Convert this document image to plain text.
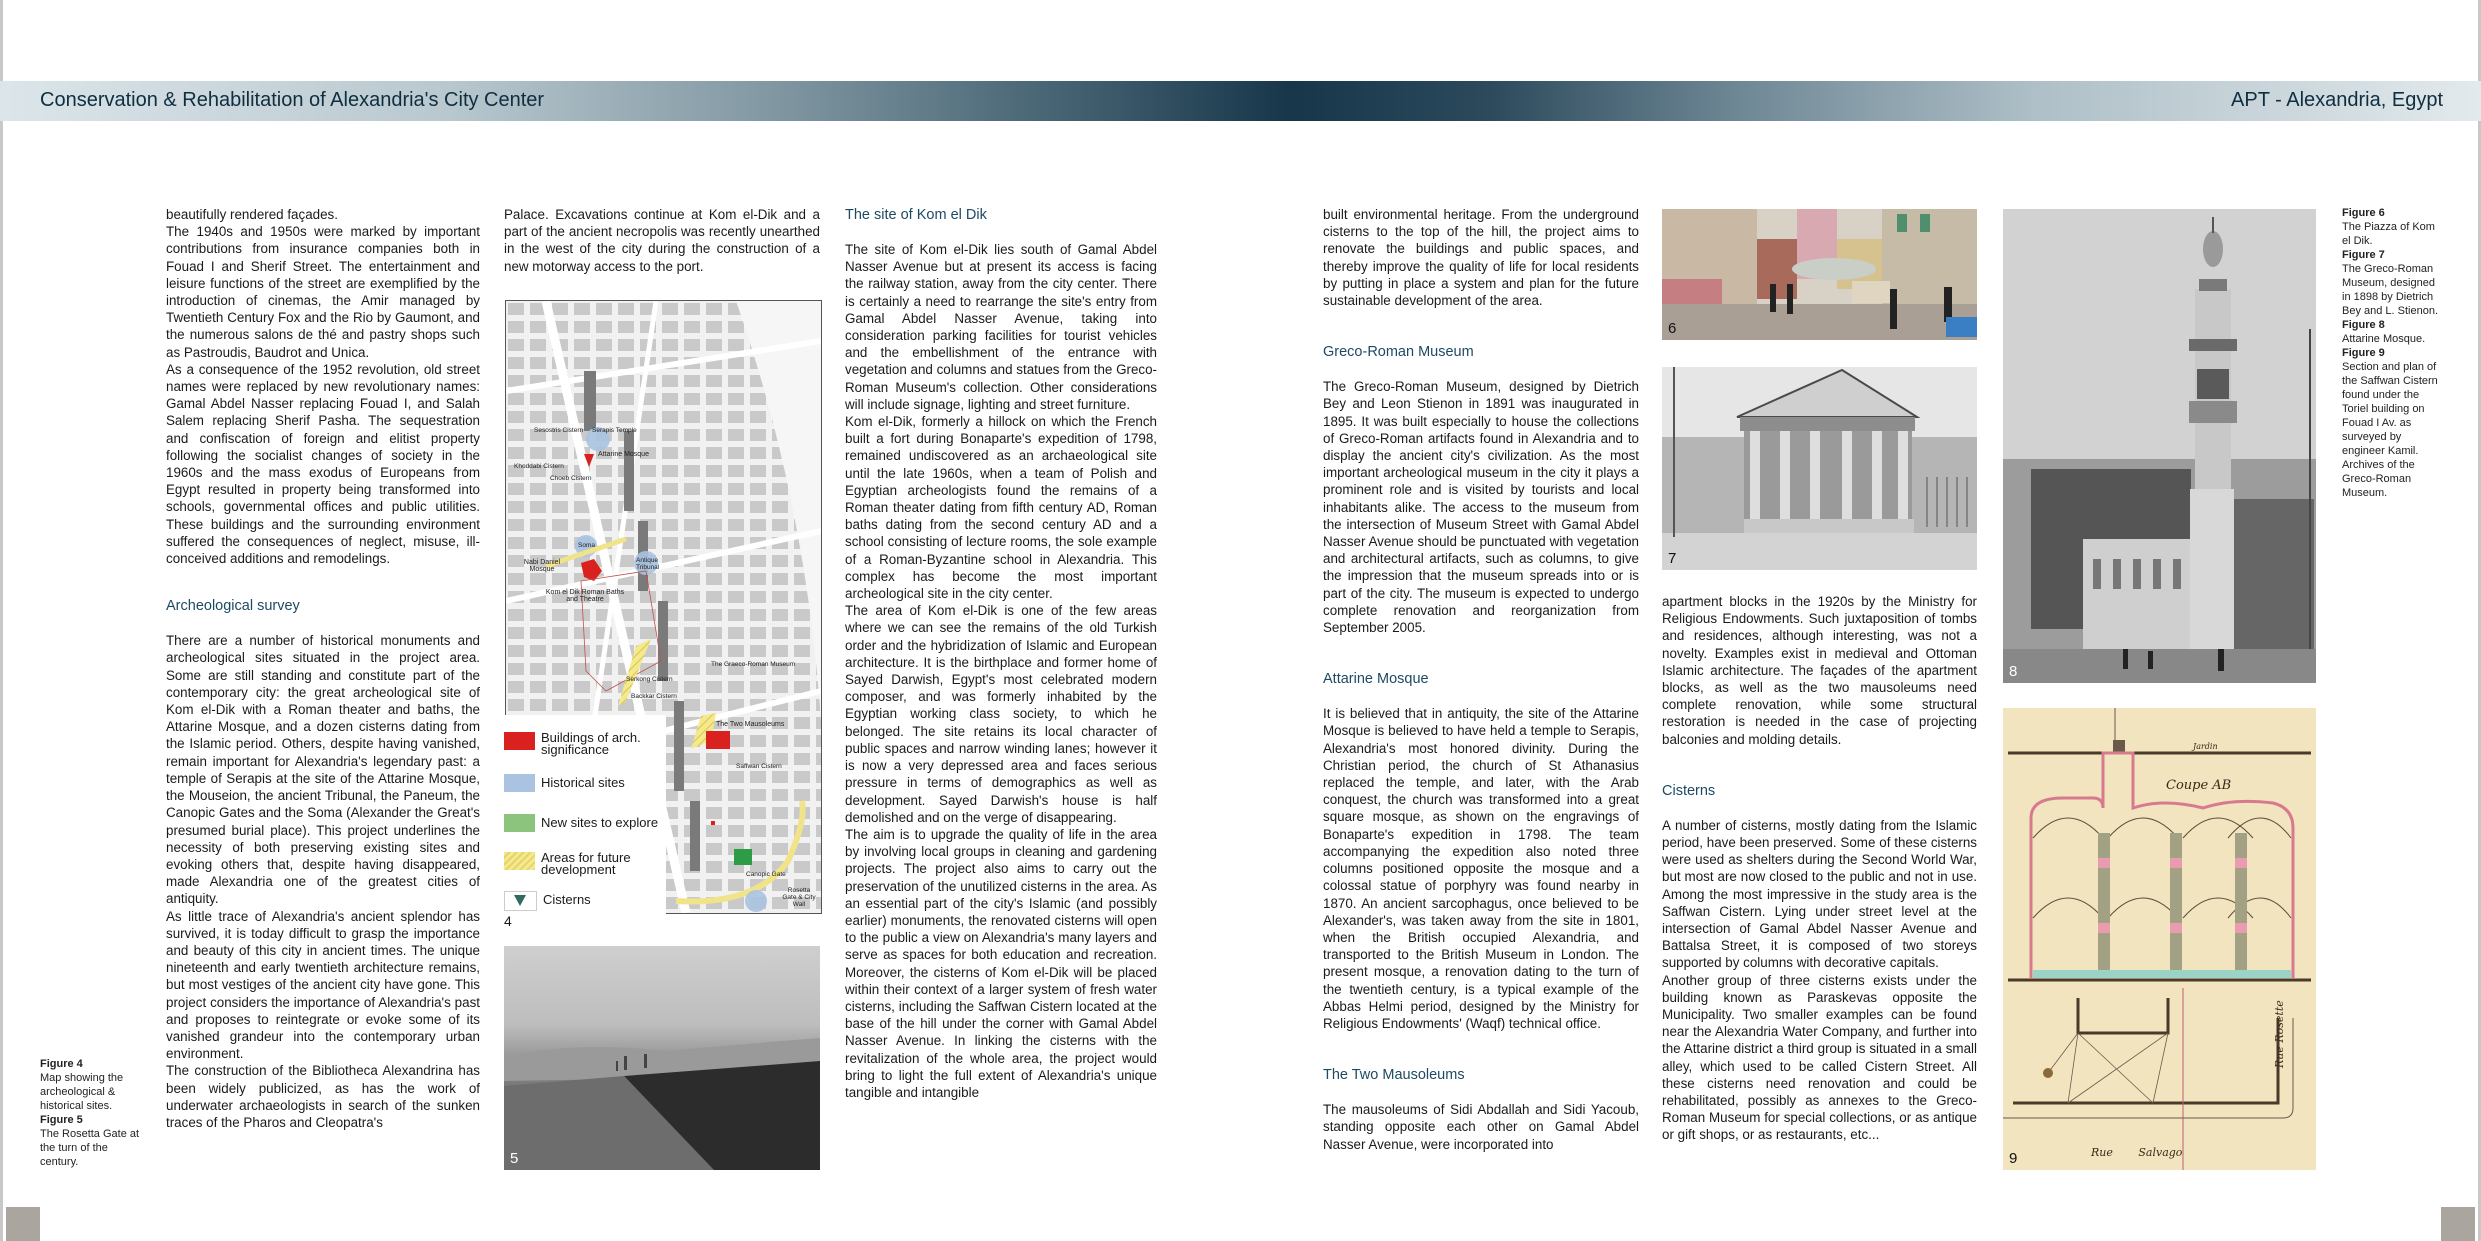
Conservation & Rehabilitation of Alexandria's City Center	APT - Alexandria, Egypt
Figure 4
Map showing the archeological & historical sites.
Figure 5
The Rosetta Gate at the turn of the century.

beautifully rendered façades.

The 1940s and 1950s were marked by important contributions from insurance companies both in Fouad I and Sherif Street. The entertainment and leisure functions of the street are exemplified by the introduction of cinemas, the Amir managed by Twentieth Century Fox and the Rio by Gaumont, and the numerous salons de thé and pastry shops such as Pastroudis, Baudrot and Unica.

As a consequence of the 1952 revolution, old street names were replaced by new revolutionary names: Gamal Abdel Nasser replacing Fouad I, and Salah Salem replacing Sherif Pasha. The sequestration and confiscation of foreign and elitist property following the socialist changes of society in the 1960s and the mass exodus of Europeans from Egypt resulted in property being transformed into schools, governmental offices and public utilities. These buildings and the surrounding environment suffered the consequences of neglect, misuse, ill-conceived additions and remodelings.

Archeological survey

There are a number of historical monuments and archeological sites situated in the project area. Some are still standing and constitute part of the contemporary city: the great archeological site of Kom el-Dik with a Roman theater and baths, the Attarine Mosque, and a dozen cisterns dating from the Islamic period. Others, despite having vanished, remain important for Alexandria's legendary past: a temple of Serapis at the site of the Attarine Mosque, the Mouseion, the ancient Tribunal, the Paneum, the Canopic Gates and the Soma (Alexander the Great's presumed burial place). This project underlines the necessity of both preserving existing sites and evoking others that, despite having disappeared, made Alexandria one of the greatest cities of antiquity.

As little trace of Alexandria's ancient splendor has survived, it is today difficult to grasp the importance and beauty of this city in ancient times. The unique nineteenth and early twentieth architecture remains, but most vestiges of the ancient city have gone. This project considers the importance of Alexandria's past and proposes to reintegrate or evoke some of its vanished grandeur into the contemporary urban environment.

The construction of the Bibliotheca Alexandrina has been widely publicized, as has the work of underwater archaeologists in search of the sunken traces of the Pharos and Cleopatra's

Palace. Excavations continue at Kom el-Dik and a part of the ancient necropolis was recently unearthed in the west of the city during the construction of a new motorway access to the port.

Attarine Mosque
Serapis Temple
Sesostris Cistern
Khoddabi Cistern
Choeb Cistern
Soma
Nabi Daniel Mosque
Antique Tribunal
Kom el Dik Roman Baths and Theatre
The Graeco-Roman Museum
Serkong Cistern
Backkar Cistern
The Two Mausoleums
Saffwan Cistern
Canopic Gate
Rosetta Gate & City Wall
Buildings of arch. significance
Historical sites
New sites to explore
Areas for future development
Cisterns
4
5
The site of Kom el Dik

The site of Kom el-Dik lies south of Gamal Abdel Nasser Avenue but at present its access is facing the railway station, away from the city center. There is certainly a need to rearrange the site's entry from Gamal Abdel Nasser Avenue, taking into consideration parking facilities for tourist vehicles and the embellishment of the entrance with vegetation and columns and statues from the Greco-Roman Museum's collection. Other considerations will include signage, lighting and street furniture.

Kom el-Dik, formerly a hillock on which the French built a fort during Bonaparte's expedition of 1798, remained undiscovered as an archaeological site until the late 1960s, when a team of Polish and Egyptian archeologists found the remains of a Roman theater dating from fifth century AD, Roman baths dating from the second century AD and a school consisting of lecture rooms, the sole example of a Roman-Byzantine school in Alexandria. This complex has become the most important archeological site in the city center.

The area of Kom el-Dik is one of the few areas where we can see the remains of the old Turkish order and the hybridization of Islamic and European architecture. It is the birthplace and former home of Sayed Darwish, Egypt's most celebrated modern composer, and was formerly inhabited by the Egyptian working class society, to which he belonged. The site retains its local character of public spaces and narrow winding lanes; however it is now a very depressed area and faces serious pressure in terms of demographics as well as development. Sayed Darwish's house is half demolished and on the verge of disappearing.

The aim is to upgrade the quality of life in the area by involving local groups in cleaning and gardening projects. The project also aims to carry out the preservation of the unutilized cisterns in the area. As an essential part of the city's Islamic (and possibly earlier) monuments, the renovated cisterns will open to the public a view on Alexandria's many layers and serve as spaces for both education and recreation. Moreover, the cisterns of Kom el-Dik will be placed within their context of a larger system of fresh water cisterns, including the Saffwan Cistern located at the base of the hill under the corner with Gamal Abdel Nasser Avenue. In linking the cisterns with the revitalization of the whole area, the project would bring to light the full extent of Alexandria's unique tangible and intangible

built environmental heritage. From the underground cisterns to the top of the hill, the project aims to renovate the buildings and public spaces, and thereby improve the quality of life for local residents by putting in place a system and plan for the future sustainable development of the area.

Greco-Roman Museum

The Greco-Roman Museum, designed by Dietrich Bey and Leon Stienon in 1891 was inaugurated in 1895. It was built especially to house the collections of Greco-Roman artifacts found in Alexandria and to display the ancient city's civilization. As the most important archeological museum in the city it plays a prominent role and is visited by tourists and local inhabitants alike. The access to the museum from the intersection of Museum Street with Gamal Abdel Nasser Avenue should be punctuated with vegetation and architectural artifacts, such as columns, to give the impression that the museum spreads into or is part of the city. The museum is expected to undergo complete renovation and reorganization from September 2005.

Attarine Mosque

It is believed that in antiquity, the site of the Attarine Mosque is believed to have held a temple to Serapis, Alexandria's most honored divinity. During the Christian period, the church of St Athanasius replaced the temple, and later, with the Arab conquest, the church was transformed into a great square mosque, as shown on the engravings of Bonaparte's expedition in 1798. The team accompanying the expedition also noted three columns positioned opposite the mosque and a colossal statue of porphyry was found nearby in 1870. An ancient sarcophagus, once believed to be Alexander's, was taken away from the site in 1801, when the British occupied Alexandria, and transported to the British Museum in London. The present mosque, a renovation dating to the turn of the twentieth century, is a typical example of the Abbas Helmi period, designed by the Ministry for Religious Endowments' (Waqf) technical office.

The Two Mausoleums

The mausoleums of Sidi Abdallah and Sidi Yacoub, standing opposite each other on Gamal Abdel Nasser Avenue, were incorporated into

6
7

apartment blocks in the 1920s by the Ministry for Religious Endowments. Such juxtaposition of tombs and residences, although interesting, was not a novelty. Examples exist in medieval and Ottoman Islamic architecture. The façades of the apartment blocks, as well as the two mausoleums need complete renovation, while some structural restoration is needed in the case of projecting balconies and molding details.

Cisterns

A number of cisterns, mostly dating from the Islamic period, have been preserved. Some of these cisterns were used as shelters during the Second World War, but most are now closed to the public and not in use. Among the most impressive in the study area is the Saffwan Cistern. Lying under street level at the intersection of Gamal Abdel Nasser Avenue and Battalsa Street, it is composed of two storeys supported by columns with decorative capitals.

Another group of three cisterns exists under the building known as Paraskevas opposite the Municipality. Two smaller examples can be found near the Alexandria Water Company, and further into the Attarine district a third group is situated in a small alley, which used to be called Cistern Street. All these cisterns need renovation and could be rehabilitated, possibly as annexes to the Greco-Roman Museum for special collections, or as antique or gift shops, or as restaurants, etc...

8
Coupe AB
Jardin
Rue Salvago
Rue Rosette
9
Figure 6
The Piazza of Kom el Dik.
Figure 7
The Greco-Roman Museum, designed in 1898 by Dietrich Bey and L. Stienon.
Figure 8
Attarine Mosque.
Figure 9
Section and plan of the Saffwan Cistern found under the Toriel building on Fouad I Av. as surveyed by engineer Kamil. Archives of the Greco-Roman Museum.
